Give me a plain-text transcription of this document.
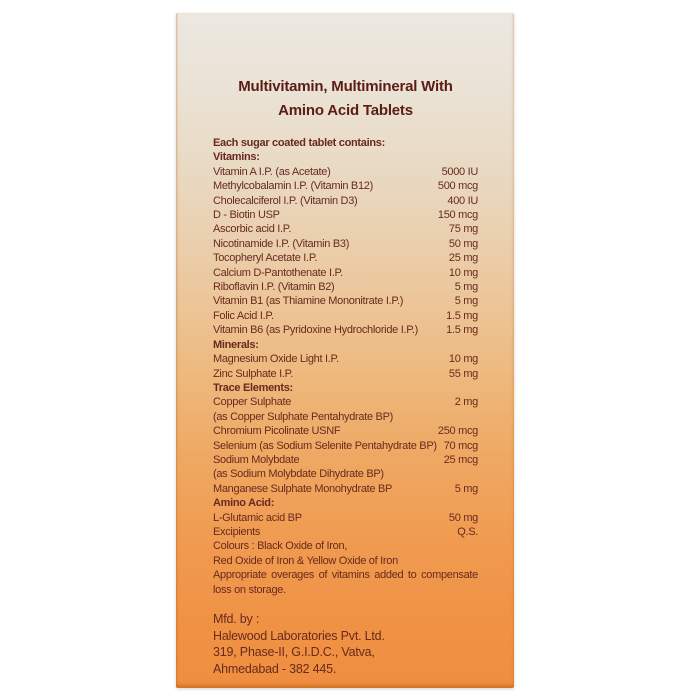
Multivitamin, Multimineral With
Amino Acid Tablets
Each sugar coated tablet contains:
Vitamins:
Vitamin A I.P. (as Acetate)	5000 IU
Methylcobalamin I.P. (Vitamin B12)	500 mcg
Cholecalciferol I.P. (Vitamin D3)	400 IU
D - Biotin USP	150 mcg
Ascorbic acid I.P.	75 mg
Nicotinamide I.P. (Vitamin B3)	50 mg
Tocopheryl Acetate I.P.	25 mg
Calcium D-Pantothenate I.P.	10 mg
Riboflavin I.P. (Vitamin B2)	5 mg
Vitamin B1 (as Thiamine Mononitrate I.P.)	5 mg
Folic Acid I.P.	1.5 mg
Vitamin B6 (as Pyridoxine Hydrochloride I.P.)	1.5 mg
Minerals:
Magnesium Oxide Light I.P.	10 mg
Zinc Sulphate I.P.	55 mg
Trace Elements:
Copper Sulphate	2 mg
(as Copper Sulphate Pentahydrate BP)
Chromium Picolinate USNF	250 mcg
Selenium (as Sodium Selenite Pentahydrate BP) 70 mcg
Sodium Molybdate	25 mcg
(as Sodium Molybdate Dihydrate BP)
Manganese Sulphate Monohydrate BP	5 mg
Amino Acid:
L-Glutamic acid BP	50 mg
Excipients	Q.S.
Colours : Black Oxide of Iron,
Red Oxide of Iron & Yellow Oxide of Iron
Appropriate overages of vitamins added to compensate
loss on storage.
Mfd. by :
Halewood Laboratories Pvt. Ltd.
319, Phase-II, G.I.D.C., Vatva,
Ahmedabad - 382 445.
